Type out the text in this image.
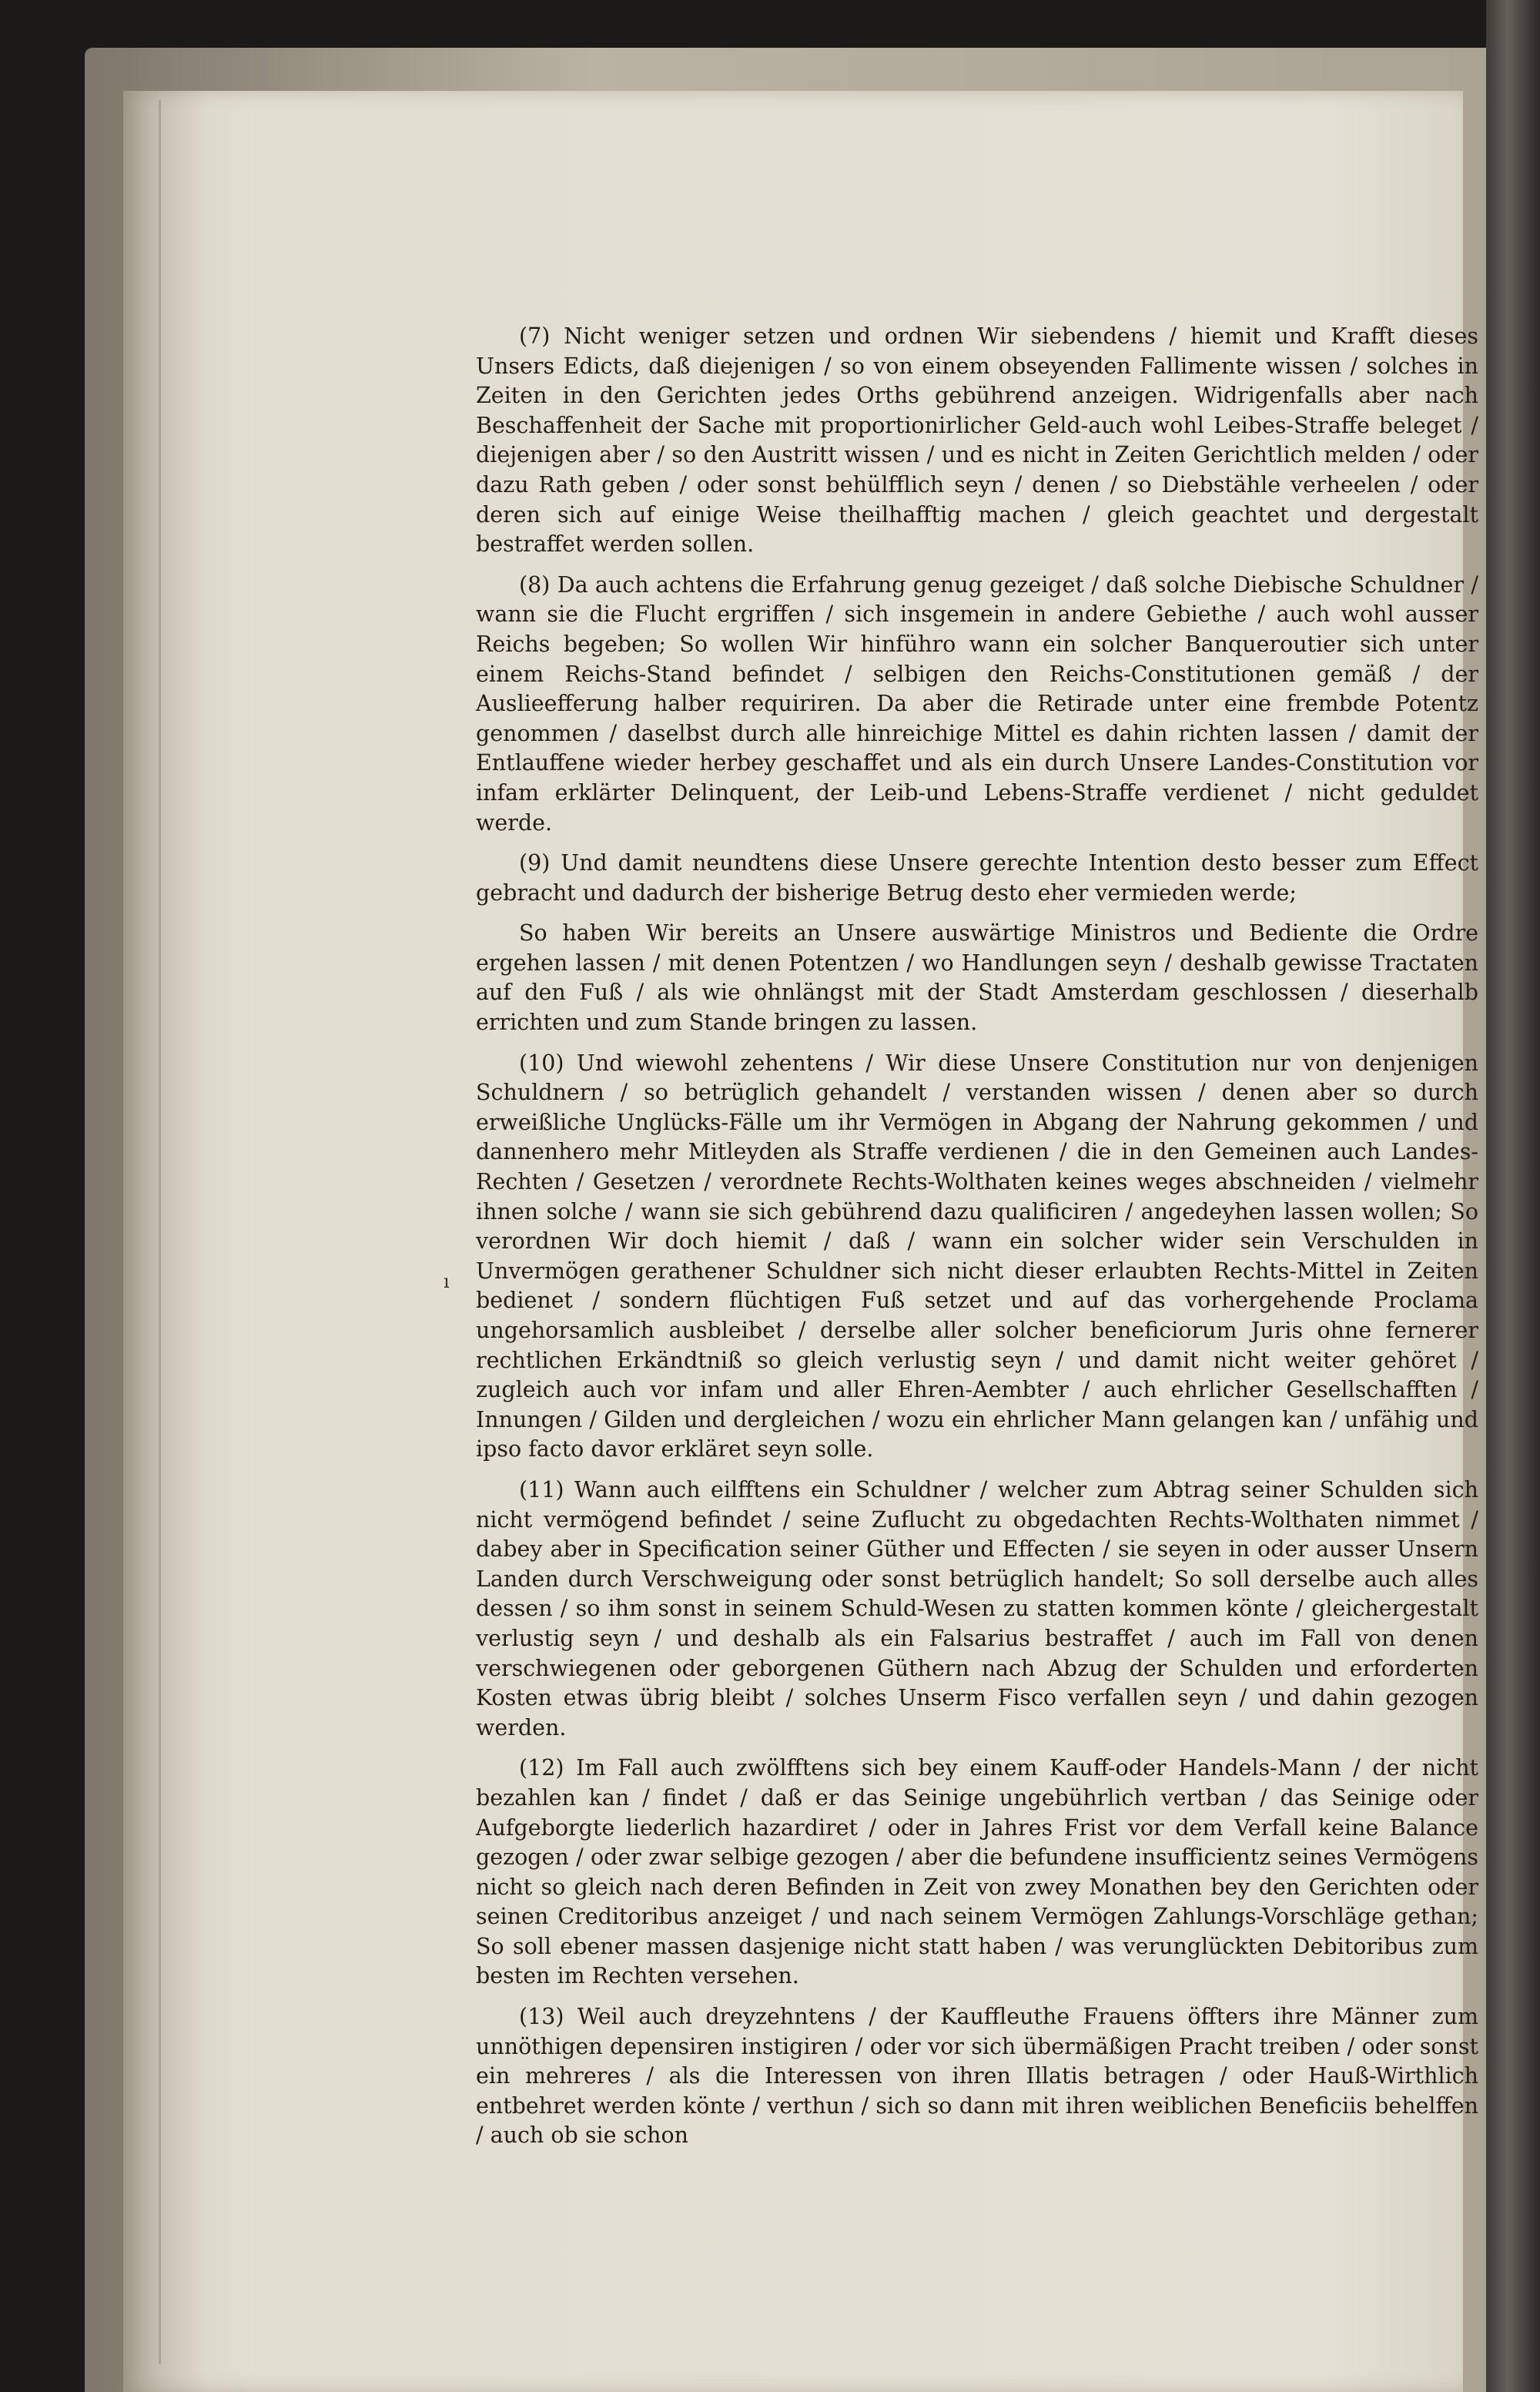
ı

(7) Nicht weniger setzen und ordnen Wir siebendens / hiemit und Krafft dieses Unsers Edicts, daß diejenigen / so von einem obseyenden Fallimente wissen / solches in Zeiten in den Gerichten jedes Orths gebührend anzeigen. Widrigenfalls aber nach Beschaffenheit der Sache mit proportionirlicher Geld-auch wohl Leibes-Straffe beleget / diejenigen aber / so den Austritt wissen / und es nicht in Zeiten Gerichtlich melden / oder dazu Rath geben / oder sonst behülfflich seyn / denen / so Diebstähle verheelen / oder deren sich auf einige Weise theilhafftig machen / gleich geachtet und dergestalt bestraffet werden sollen.

(8) Da auch achtens die Erfahrung genug gezeiget / daß solche Diebische Schuldner / wann sie die Flucht ergriffen / sich insgemein in andere Gebiethe / auch wohl ausser Reichs begeben; So wollen Wir hinführo wann ein solcher Banqueroutier sich unter einem Reichs-Stand befindet / selbigen den Reichs-Constitutionen gemäß / der Auslieefferung halber requiriren. Da aber die Retirade unter eine frembde Potentz genommen / daselbst durch alle hinreichige Mittel es dahin richten lassen / damit der Entlauffene wieder herbey geschaffet und als ein durch Unsere Landes-Constitution vor infam erklärter Delinquent, der Leib-und Lebens-Straffe verdienet / nicht geduldet werde.

(9) Und damit neundtens diese Unsere gerechte Intention desto besser zum Effect gebracht und dadurch der bisherige Betrug desto eher vermieden werde;

So haben Wir bereits an Unsere auswärtige Ministros und Bediente die Ordre ergehen lassen / mit denen Potentzen / wo Handlungen seyn / deshalb gewisse Tractaten auf den Fuß / als wie ohnlängst mit der Stadt Amsterdam geschlossen / dieserhalb errichten und zum Stande bringen zu lassen.

(10) Und wiewohl zehentens / Wir diese Unsere Constitution nur von denjenigen Schuldnern / so betrüglich gehandelt / verstanden wissen / denen aber so durch erweißliche Unglücks-Fälle um ihr Vermögen in Abgang der Nahrung gekommen / und dannenhero mehr Mitleyden als Straffe verdienen / die in den Gemeinen auch Landes-Rechten / Gesetzen / verordnete Rechts-Wolthaten keines weges abschneiden / vielmehr ihnen solche / wann sie sich gebührend dazu qualificiren / angedeyhen lassen wollen; So verordnen Wir doch hiemit / daß / wann ein solcher wider sein Verschulden in Unvermögen gerathener Schuldner sich nicht dieser erlaubten Rechts-Mittel in Zeiten bedienet / sondern flüchtigen Fuß setzet und auf das vorhergehende Proclama ungehorsamlich ausbleibet / derselbe aller solcher beneficiorum Juris ohne fernerer rechtlichen Erkändtniß so gleich verlustig seyn / und damit nicht weiter gehöret / zugleich auch vor infam und aller Ehren-Aembter / auch ehrlicher Gesellschafften / Innungen / Gilden und dergleichen / wozu ein ehrlicher Mann gelangen kan / unfähig und ipso facto davor erkläret seyn solle.

(11) Wann auch eilfftens ein Schuldner / welcher zum Abtrag seiner Schulden sich nicht vermögend befindet / seine Zuflucht zu obgedachten Rechts-Wolthaten nimmet / dabey aber in Specification seiner Güther und Effecten / sie seyen in oder ausser Unsern Landen durch Verschweigung oder sonst betrüglich handelt; So soll derselbe auch alles dessen / so ihm sonst in seinem Schuld-Wesen zu statten kommen könte / gleichergestalt verlustig seyn / und deshalb als ein Falsarius bestraffet / auch im Fall von denen verschwiegenen oder geborgenen Güthern nach Abzug der Schulden und erforderten Kosten etwas übrig bleibt / solches Unserm Fisco verfallen seyn / und dahin gezogen werden.

(12) Im Fall auch zwölfftens sich bey einem Kauff-oder Handels-Mann / der nicht bezahlen kan / findet / daß er das Seinige ungebührlich vertban / das Seinige oder Aufgeborgte liederlich hazardiret / oder in Jahres Frist vor dem Verfall keine Balance gezogen / oder zwar selbige gezogen / aber die befundene insufficientz seines Vermögens nicht so gleich nach deren Befinden in Zeit von zwey Monathen bey den Gerichten oder seinen Creditoribus anzeiget / und nach seinem Vermögen Zahlungs-Vorschläge gethan; So soll ebener massen dasjenige nicht statt haben / was verunglückten Debitoribus zum besten im Rechten versehen.

(13) Weil auch dreyzehntens / der Kauffleuthe Frauens öffters ihre Männer zum unnöthigen depensiren instigiren / oder vor sich übermäßigen Pracht treiben / oder sonst ein mehreres / als die Interessen von ihren Illatis betragen / oder Hauß-Wirthlich entbehret werden könte / verthun / sich so dann mit ihren weiblichen Beneficiis behelffen / auch ob sie schon
